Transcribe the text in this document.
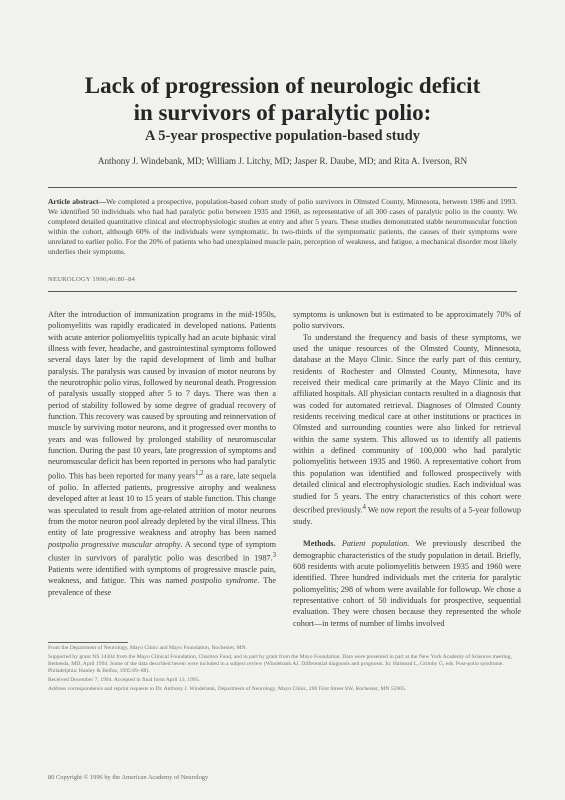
Lack of progression of neurologic deficit
in survivors of paralytic polio:
A 5-year prospective population-based study

Anthony J. Windebank, MD; William J. Litchy, MD; Jasper R. Daube, MD; and Rita A. Iverson, RN

Article abstract—We completed a prospective, population-based cohort study of polio survivors in Olmsted County, Minnesota, between 1986 and 1993. We identified 50 individuals who had had paralytic polio between 1935 and 1960, as representative of all 300 cases of paralytic polio in the county. We completed detailed quantitative clinical and electrophysiologic studies at entry and after 5 years. These studies demonstrated stable neuromuscular function within the cohort, although 60% of the individuals were symptomatic. In two-thirds of the symptomatic patients, the causes of their symptoms were unrelated to earlier polio. For the 20% of patients who had unexplained muscle pain, perception of weakness, and fatigue, a mechanical disorder most likely underlies their symptoms.

NEUROLOGY 1996;46:80–84

After the introduction of immunization programs in the mid-1950s, poliomyelitis was rapidly eradicated in developed nations. Patients with acute anterior poliomyelitis typically had an acute biphasic viral illness with fever, headache, and gastrointestinal symptoms followed several days later by the rapid development of limb and bulbar paralysis. The paralysis was caused by invasion of motor neurons by the neurotrophic polio virus, followed by neuronal death. Progression of paralysis usually stopped after 5 to 7 days. There was then a period of stability followed by some degree of gradual recovery of function. This recovery was caused by sprouting and reinnervation of muscle by surviving motor neurons, and it progressed over months to years and was followed by prolonged stability of neuromuscular function. During the past 10 years, late progression of symptoms and neuromuscular deficit has been reported in persons who had paralytic polio. This has been reported for many years$^{1,2}$ as a rare, late sequela of polio. In affected patients, progressive atrophy and weakness developed after at least 10 to 15 years of stable function. This change was speculated to result from age-related attrition of motor neurons from the motor neuron pool already depleted by the viral illness. This entity of late progressive weakness and atrophy has been named postpolio progressive muscular atrophy. A second type of symptom cluster in survivors of paralytic polio was described in 1987.$^3$ Patients were identified with symptoms of progressive muscle pain, weakness, and fatigue. This was named postpolio syndrome. The prevalence of these

symptoms is unknown but is estimated to be approximately 70% of polio survivors.

To understand the frequency and basis of these symptoms, we used the unique resources of the Olmsted County, Minnesota, database at the Mayo Clinic. Since the early part of this century, residents of Rochester and Olmsted County, Minnesota, have received their medical care primarily at the Mayo Clinic and its affiliated hospitals. All physician contacts resulted in a diagnosis that was coded for automated retrieval. Diagnoses of Olmsted County residents receiving medical care at other institutions or practices in Olmsted and surrounding counties were also linked for retrieval within the same system. This allowed us to identify all patients within a defined community of 100,000 who had paralytic poliomyelitis between 1935 and 1960. A representative cohort from this population was identified and followed prospectively with detailed clinical and electrophysiologic studies. Each individual was studied for 5 years. The entry characteristics of this cohort were described previously.$^4$ We now report the results of a 5-year followup study.

Methods. Patient population. We previously described the demographic characteristics of the study population in detail. Briefly, 608 residents with acute poliomyelitis between 1935 and 1960 were identified. Three hundred individuals met the criteria for paralytic poliomyelitis; 298 of whom were available for followup. We chose a representative cohort of 50 individuals for prospective, sequential evaluation. They were chosen because they represented the whole cohort—in terms of number of limbs involved

From the Department of Neurology, Mayo Clinic and Mayo Foundation, Rochester, MN.

Supported by grant NS 14304 from the Mayo Clinical Foundation, Chariton Fund, and in part by grant from the Mayo Foundation. Data were presented in part at the New York Academy of Sciences meeting, Bethesda, MD, April 1994. Some of the data described herein were included in a subject review (Windebank AJ. Differential diagnosis and prognosis. In: Halstead L, Grimby G, eds. Post-polio syndrome. Philadelphia: Hanley & Belfus, 1995:69–88).

Received December 7, 1994. Accepted in final form April 13, 1995.

Address correspondence and reprint requests to Dr. Anthony J. Windebank, Department of Neurology, Mayo Clinic, 200 First Street SW, Rochester, MN 55905.

80 Copyright © 1996 by the American Academy of Neurology
